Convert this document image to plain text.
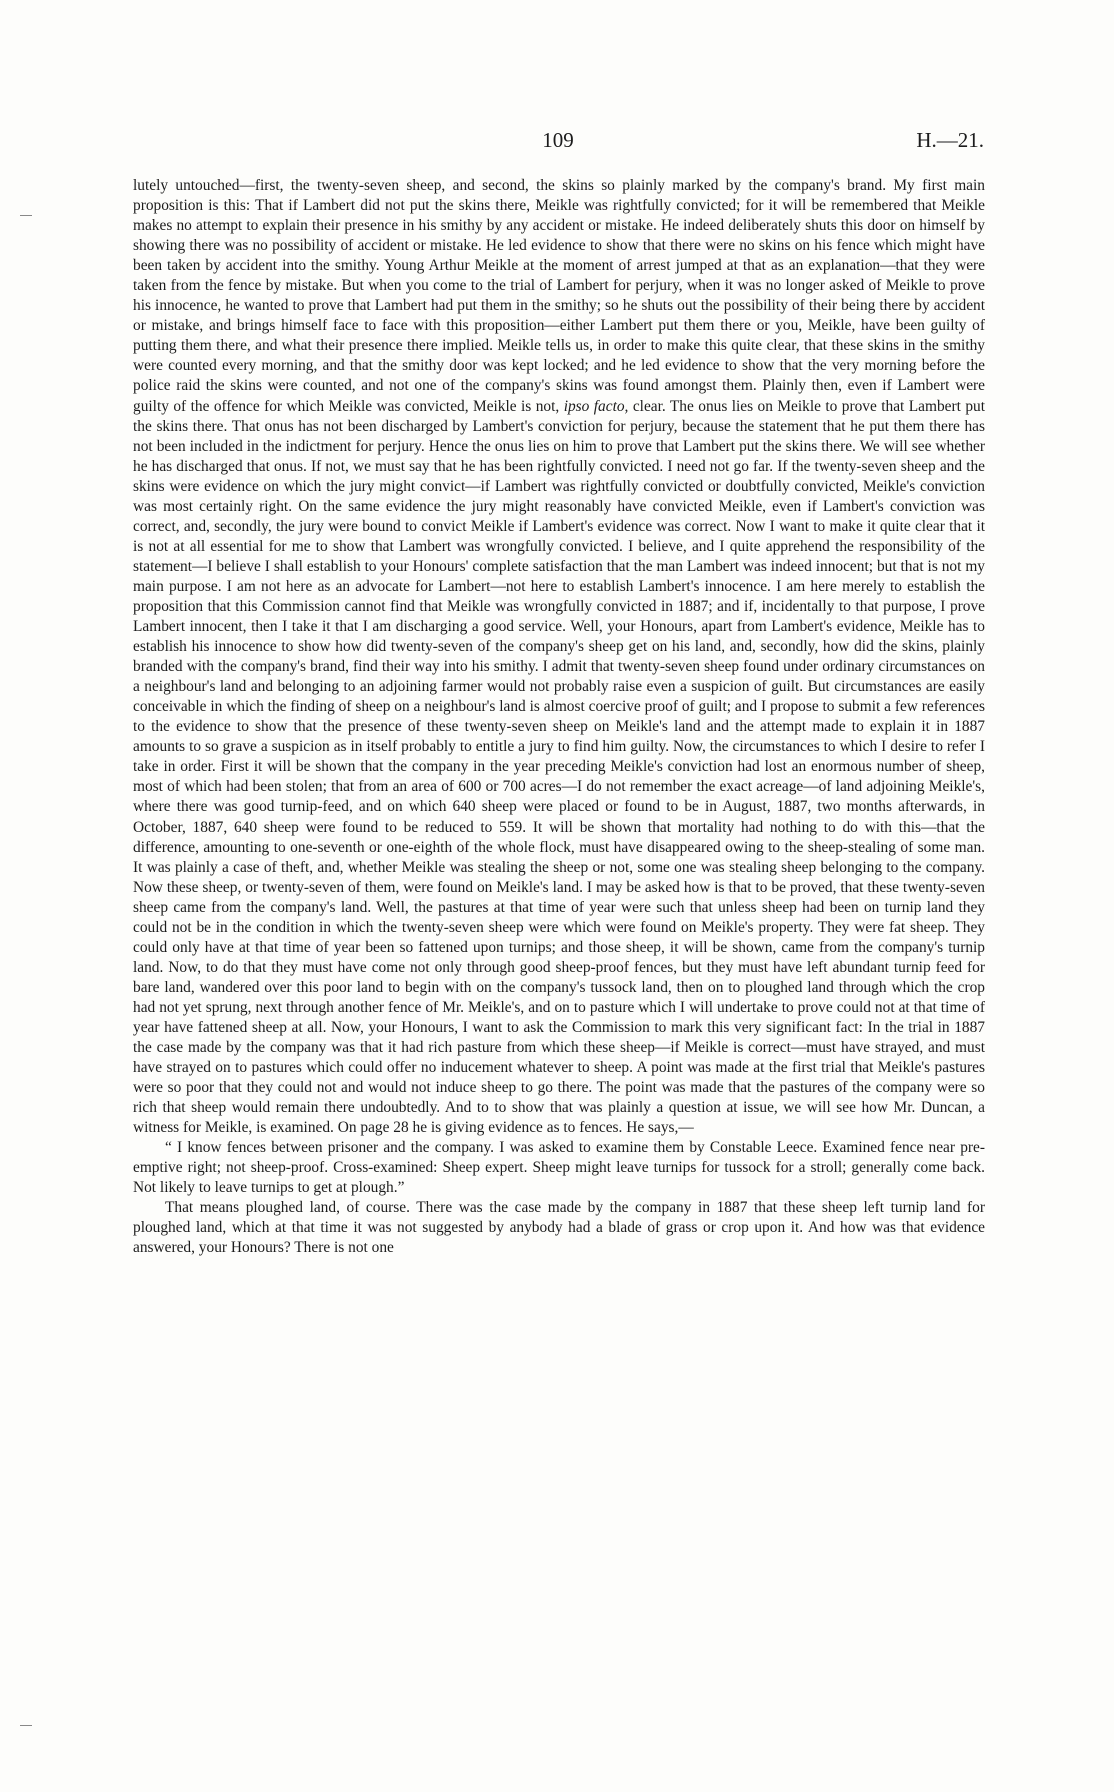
109	H.—21.

lutely untouched—first, the twenty-seven sheep, and second, the skins so plainly marked by the company's brand. My first main proposition is this: That if Lambert did not put the skins there, Meikle was rightfully convicted; for it will be remembered that Meikle makes no attempt to explain their presence in his smithy by any accident or mistake. He indeed deliberately shuts this door on himself by showing there was no possibility of accident or mistake. He led evidence to show that there were no skins on his fence which might have been taken by accident into the smithy. Young Arthur Meikle at the moment of arrest jumped at that as an explanation—that they were taken from the fence by mistake. But when you come to the trial of Lambert for perjury, when it was no longer asked of Meikle to prove his innocence, he wanted to prove that Lambert had put them in the smithy; so he shuts out the possibility of their being there by accident or mistake, and brings himself face to face with this proposition—either Lambert put them there or you, Meikle, have been guilty of putting them there, and what their presence there implied. Meikle tells us, in order to make this quite clear, that these skins in the smithy were counted every morning, and that the smithy door was kept locked; and he led evidence to show that the very morning before the police raid the skins were counted, and not one of the company's skins was found amongst them. Plainly then, even if Lambert were guilty of the offence for which Meikle was convicted, Meikle is not, ipso facto, clear. The onus lies on Meikle to prove that Lambert put the skins there. That onus has not been discharged by Lambert's conviction for perjury, because the statement that he put them there has not been included in the indictment for perjury. Hence the onus lies on him to prove that Lambert put the skins there. We will see whether he has discharged that onus. If not, we must say that he has been rightfully convicted. I need not go far. If the twenty-seven sheep and the skins were evidence on which the jury might convict—if Lambert was rightfully convicted or doubtfully convicted, Meikle's conviction was most certainly right. On the same evidence the jury might reasonably have convicted Meikle, even if Lambert's conviction was correct, and, secondly, the jury were bound to convict Meikle if Lambert's evidence was correct. Now I want to make it quite clear that it is not at all essential for me to show that Lambert was wrongfully convicted. I believe, and I quite apprehend the responsibility of the statement—I believe I shall establish to your Honours' complete satisfaction that the man Lambert was indeed innocent; but that is not my main purpose. I am not here as an advocate for Lambert—not here to establish Lambert's innocence. I am here merely to establish the proposition that this Commission cannot find that Meikle was wrongfully convicted in 1887; and if, incidentally to that purpose, I prove Lambert innocent, then I take it that I am discharging a good service. Well, your Honours, apart from Lambert's evidence, Meikle has to establish his innocence to show how did twenty-seven of the company's sheep get on his land, and, secondly, how did the skins, plainly branded with the company's brand, find their way into his smithy. I admit that twenty-seven sheep found under ordinary circumstances on a neighbour's land and belonging to an adjoining farmer would not probably raise even a suspicion of guilt. But circumstances are easily conceivable in which the finding of sheep on a neighbour's land is almost coercive proof of guilt; and I propose to submit a few references to the evidence to show that the presence of these twenty-seven sheep on Meikle's land and the attempt made to explain it in 1887 amounts to so grave a suspicion as in itself probably to entitle a jury to find him guilty. Now, the circumstances to which I desire to refer I take in order. First it will be shown that the company in the year preceding Meikle's conviction had lost an enormous number of sheep, most of which had been stolen; that from an area of 600 or 700 acres—I do not remember the exact acreage—of land adjoining Meikle's, where there was good turnip-feed, and on which 640 sheep were placed or found to be in August, 1887, two months afterwards, in October, 1887, 640 sheep were found to be reduced to 559. It will be shown that mortality had nothing to do with this—that the difference, amounting to one-seventh or one-eighth of the whole flock, must have disappeared owing to the sheep-stealing of some man. It was plainly a case of theft, and, whether Meikle was stealing the sheep or not, some one was stealing sheep belonging to the company. Now these sheep, or twenty-seven of them, were found on Meikle's land. I may be asked how is that to be proved, that these twenty-seven sheep came from the company's land. Well, the pastures at that time of year were such that unless sheep had been on turnip land they could not be in the condition in which the twenty-seven sheep were which were found on Meikle's property. They were fat sheep. They could only have at that time of year been so fattened upon turnips; and those sheep, it will be shown, came from the company's turnip land. Now, to do that they must have come not only through good sheep-proof fences, but they must have left abundant turnip feed for bare land, wandered over this poor land to begin with on the company's tussock land, then on to ploughed land through which the crop had not yet sprung, next through another fence of Mr. Meikle's, and on to pasture which I will undertake to prove could not at that time of year have fattened sheep at all. Now, your Honours, I want to ask the Commission to mark this very significant fact: In the trial in 1887 the case made by the company was that it had rich pasture from which these sheep—if Meikle is correct—must have strayed, and must have strayed on to pastures which could offer no inducement whatever to sheep. A point was made at the first trial that Meikle's pastures were so poor that they could not and would not induce sheep to go there. The point was made that the pastures of the company were so rich that sheep would remain there undoubtedly. And to to show that was plainly a question at issue, we will see how Mr. Duncan, a witness for Meikle, is examined. On page 28 he is giving evidence as to fences. He says,—

“ I know fences between prisoner and the company. I was asked to examine them by Constable Leece. Examined fence near pre-emptive right; not sheep-proof. Cross-examined: Sheep expert. Sheep might leave turnips for tussock for a stroll; generally come back. Not likely to leave turnips to get at plough.”

That means ploughed land, of course. There was the case made by the company in 1887 that these sheep left turnip land for ploughed land, which at that time it was not suggested by anybody had a blade of grass or crop upon it. And how was that evidence answered, your Honours? There is not one
